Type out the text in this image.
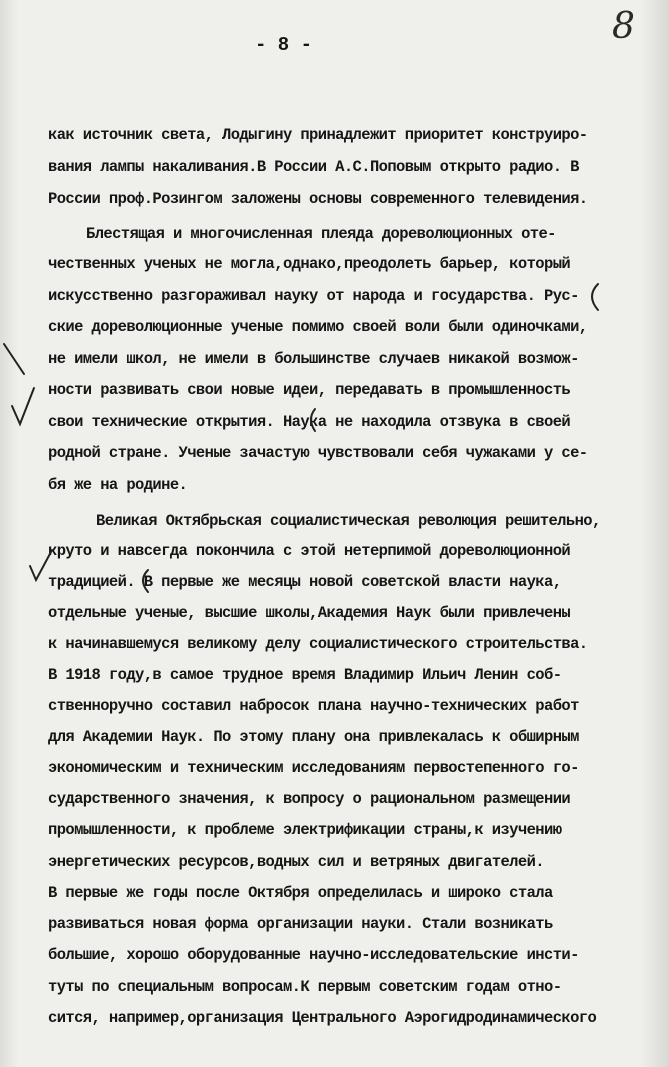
- 8 -	8
как источник света, Лодыгину принадлежит приоритет конструиро-
вания лампы накаливания.В России А.С.Поповым открыто радио. В
России проф.Розингом заложены основы современного телевидения.
Блестящая и многочисленная плеяда дореволюционных оте-
чественных ученых не могла,однако,преодолеть барьер, который
искусственно разгораживал науку от народа и государства. Рус-
ские дореволюционные ученые помимо своей воли были одиночками,
не имели школ, не имели в большинстве случаев никакой возмож-
ности развивать свои новые идеи, передавать в промышленность
свои технические открытия. Наука не находила отзвука в своей
родной стране. Ученые зачастую чувствовали себя чужаками у се-
бя же на родине.
Великая Октябрьская социалистическая революция решительно,
круто и навсегда покончила с этой нетерпимой дореволюционной
традицией. В первые же месяцы новой советской власти наука,
отдельные ученые, высшие школы,Академия Наук были привлечены
к начинавшемуся великому делу социалистического строительства.
В 1918 году,в самое трудное время Владимир Ильич Ленин соб-
ственноручно составил набросок плана научно-технических работ
для Академии Наук. По этому плану она привлекалась к обширным
экономическим и техническим исследованиям первостепенного го-
сударственного значения, к вопросу о рациональном размещении
промышленности, к проблеме электрификации страны,к изучению
энергетических ресурсов,водных сил и ветряных двигателей.
В первые же годы после Октября определилась и широко стала
развиваться новая форма организации науки. Стали возникать
большие, хорошо оборудованные научно-исследовательские инсти-
туты по специальным вопросам.К первым советским годам отно-
сится, например,организация Центрального Аэрогидродинамического
